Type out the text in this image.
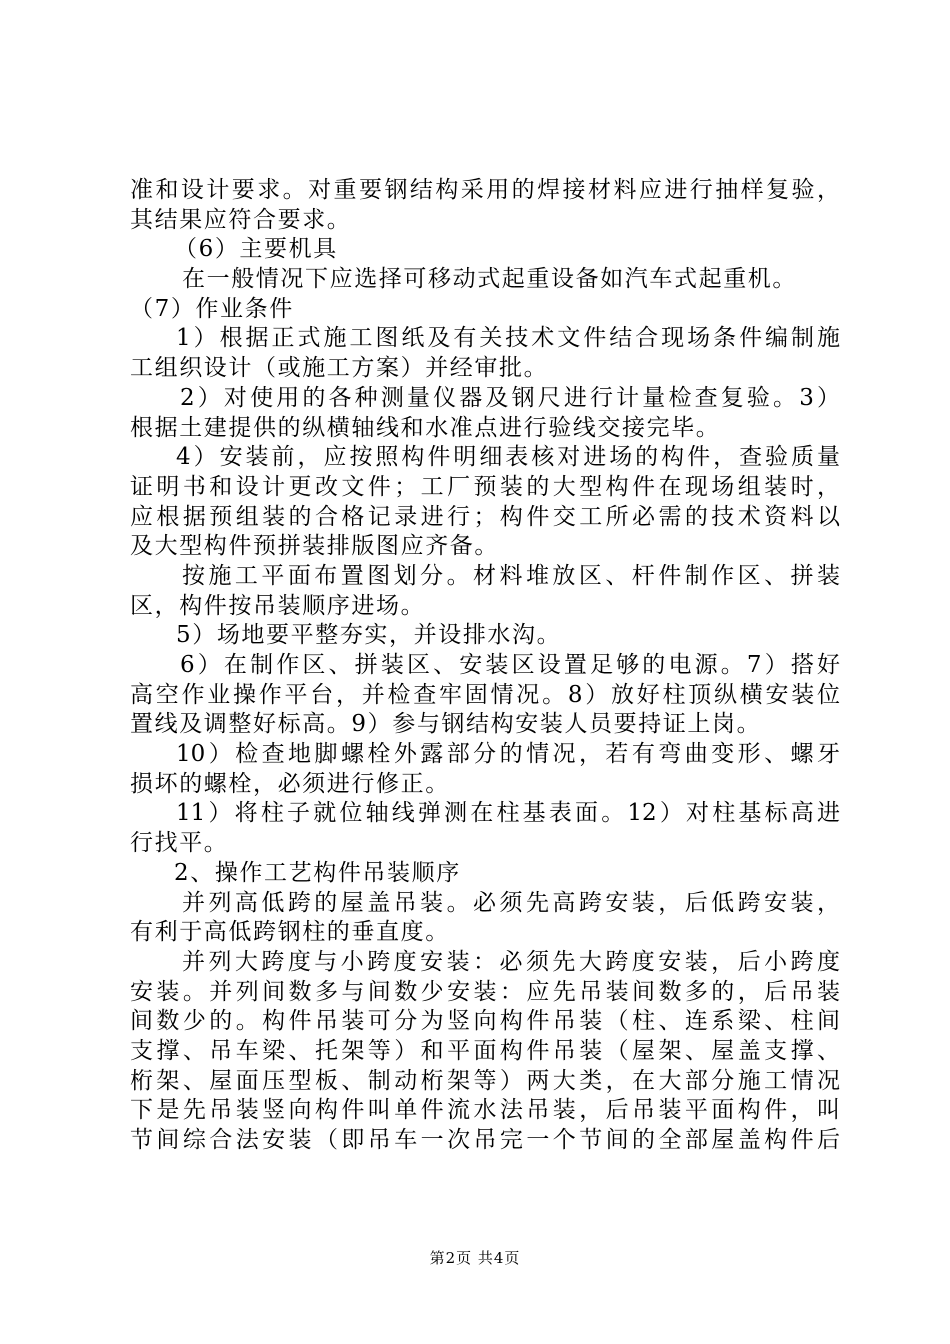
准和设计要求。对重要钢结构采用的焊接材料应进行抽样复验，
其结果应符合要求。
（6）主要机具
在一般情况下应选择可移动式起重设备如汽车式起重机。
（7）作业条件
1）根据正式施工图纸及有关技术文件结合现场条件编制施
工组织设计（或施工方案）并经审批。
2）对使用的各种测量仪器及钢尺进行计量检查复验。3）
根据土建提供的纵横轴线和水准点进行验线交接完毕。
4）安装前，应按照构件明细表核对进场的构件，查验质量
证明书和设计更改文件；工厂预装的大型构件在现场组装时，
应根据预组装的合格记录进行；构件交工所必需的技术资料以
及大型构件预拼装排版图应齐备。
按施工平面布置图划分。材料堆放区、杆件制作区、拼装
区，构件按吊装顺序进场。
5）场地要平整夯实，并设排水沟。
6）在制作区、拼装区、安装区设置足够的电源。7）搭好
高空作业操作平台，并检查牢固情况。8）放好柱顶纵横安装位
置线及调整好标高。9）参与钢结构安装人员要持证上岗。
10）检查地脚螺栓外露部分的情况，若有弯曲变形、螺牙
损坏的螺栓，必须进行修正。
11）将柱子就位轴线弹测在柱基表面。12）对柱基标高进
行找平。
2、操作工艺构件吊装顺序
并列高低跨的屋盖吊装。必须先高跨安装，后低跨安装，
有利于高低跨钢柱的垂直度。
并列大跨度与小跨度安装：必须先大跨度安装，后小跨度
安装。并列间数多与间数少安装：应先吊装间数多的，后吊装
间数少的。构件吊装可分为竖向构件吊装（柱、连系梁、柱间
支撑、吊车梁、托架等）和平面构件吊装（屋架、屋盖支撑、
桁架、屋面压型板、制动桁架等）两大类，在大部分施工情况
下是先吊装竖向构件叫单件流水法吊装，后吊装平面构件，叫
节间综合法安装（即吊车一次吊完一个节间的全部屋盖构件后
第2页 共4页
